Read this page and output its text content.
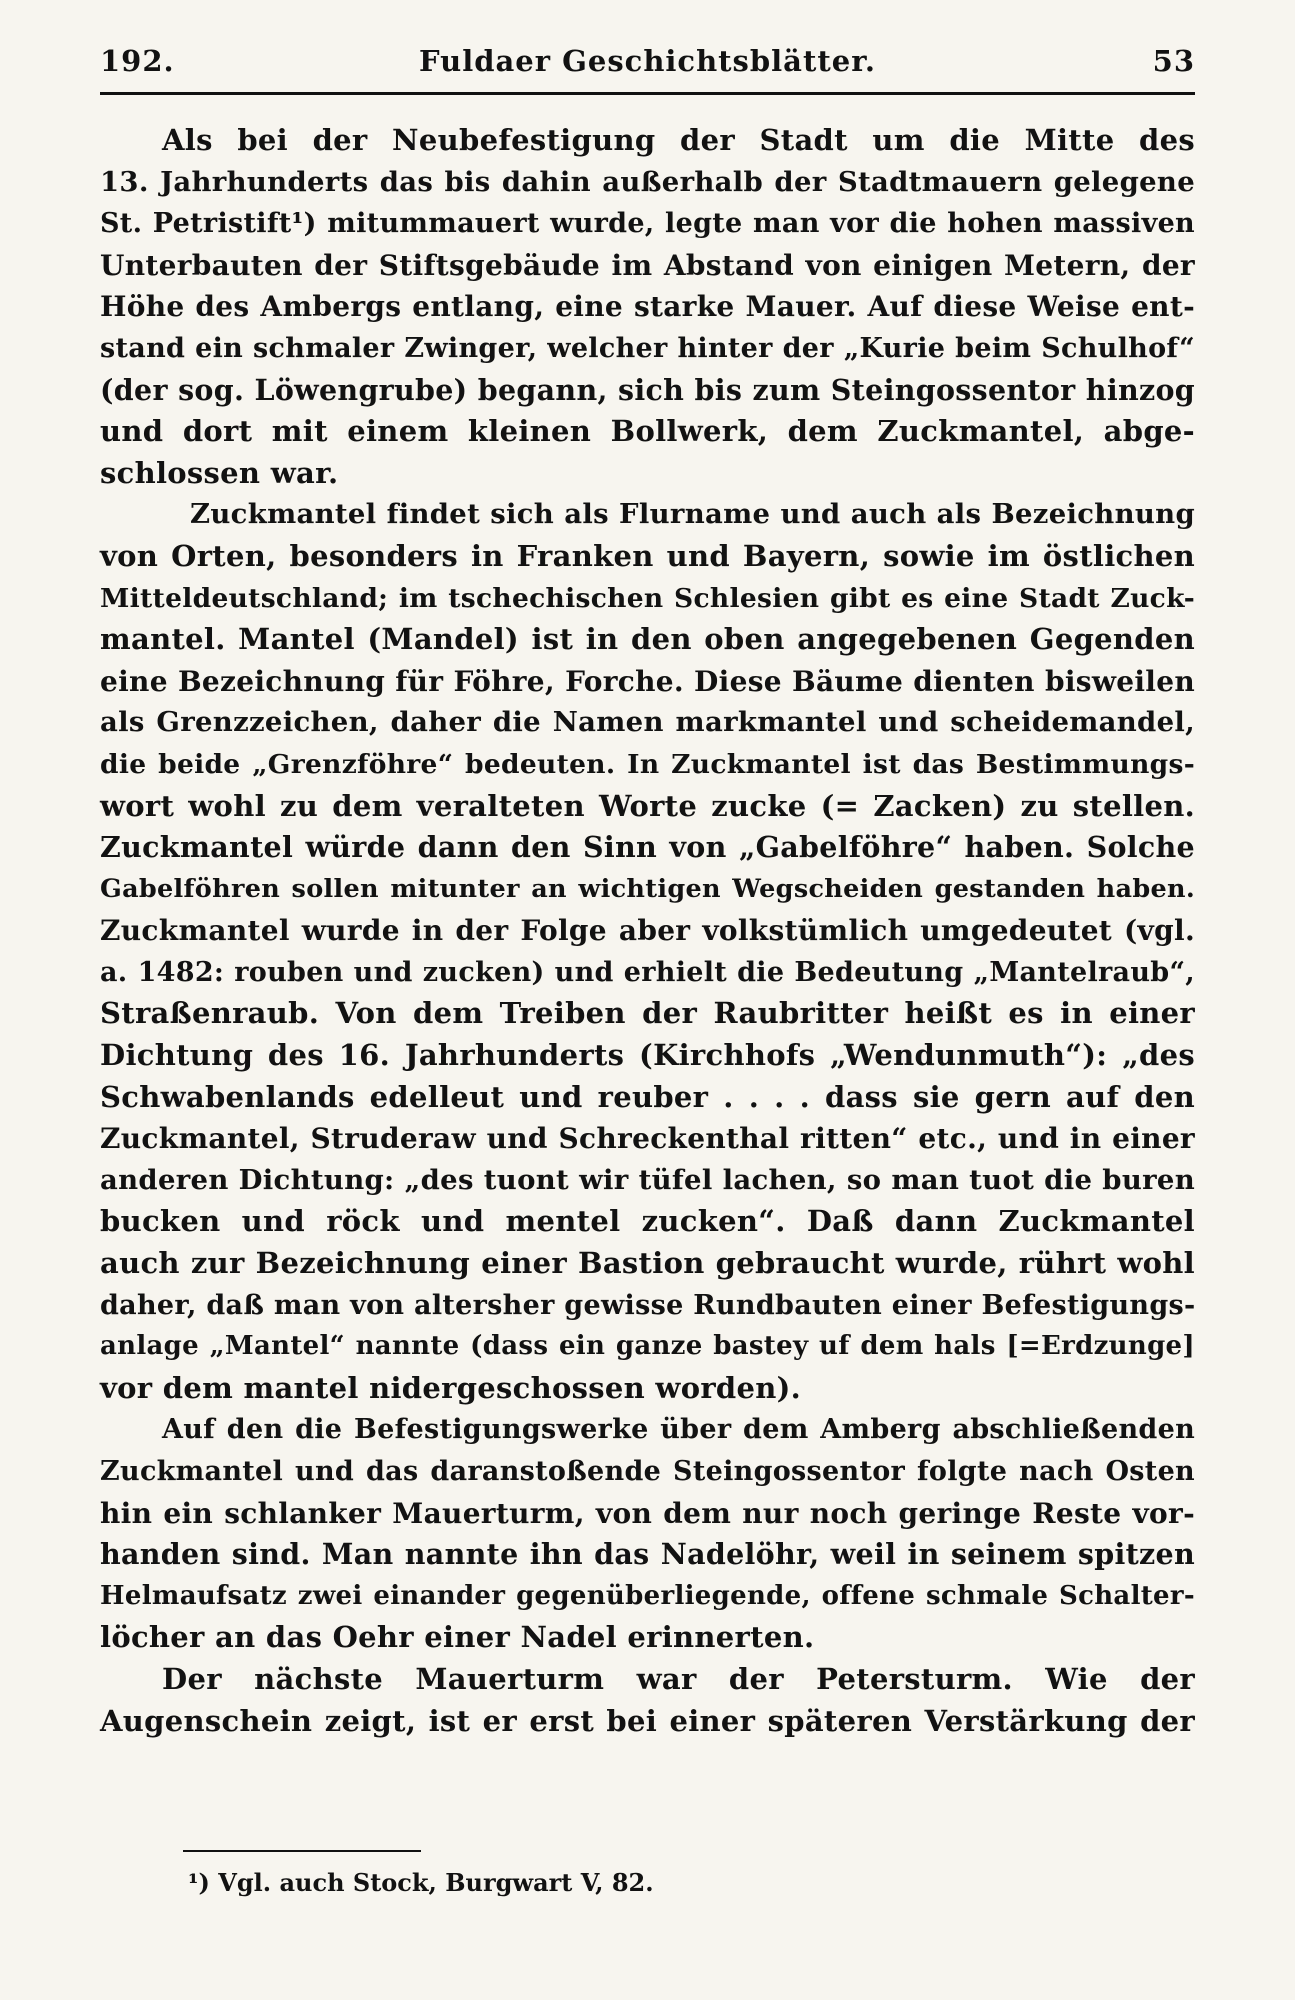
192․	Fuldaer Geschichtsblätter.	53
Als bei der Neubefestigung der Stadt um die Mitte des
13. Jahrhunderts das bis dahin außerhalb der Stadtmauern gelegene
St. Petristift¹) mitummauert wurde, legte man vor die hohen massiven
Unterbauten der Stiftsgebäude im Abstand von einigen Metern, der
Höhe des Ambergs entlang, eine starke Mauer. Auf diese Weise ent-
stand ein schmaler Zwinger, welcher hinter der „Kurie beim Schulhof“
(der sog. Löwengrube) begann, sich bis zum Steingossentor hinzog
und dort mit einem kleinen Bollwerk, dem Zuckmantel, abge-
schlossen war.
Zuckmantel findet sich als Flurname und auch als Bezeichnung
von Orten, besonders in Franken und Bayern, sowie im östlichen
Mitteldeutschland; im tschechischen Schlesien gibt es eine Stadt Zuck-
mantel. Mantel (Mandel) ist in den oben angegebenen Gegenden
eine Bezeichnung für Föhre, Forche. Diese Bäume dienten bisweilen
als Grenzzeichen, daher die Namen markmantel und scheidemandel,
die beide „Grenzföhre“ bedeuten. In Zuckmantel ist das Bestimmungs-
wort wohl zu dem veralteten Worte zucke (= Zacken) zu stellen.
Zuckmantel würde dann den Sinn von „Gabelföhre“ haben. Solche
Gabelföhren sollen mitunter an wichtigen Wegscheiden gestanden haben.
Zuckmantel wurde in der Folge aber volkstümlich umgedeutet (vgl.
a. 1482: rouben und zucken) und erhielt die Bedeutung „Mantelraub“,
Straßenraub. Von dem Treiben der Raubritter heißt es in einer
Dichtung des 16. Jahrhunderts (Kirchhofs „Wendunmuth“): „des
Schwabenlands edelleut und reuber . . . . dass sie gern auf den
Zuckmantel, Struderaw und Schreckenthal ritten“ etc., und in einer
anderen Dichtung: „des tuont wir tüfel lachen, so man tuot die buren
bucken und röck und mentel zucken“. Daß dann Zuckmantel
auch zur Bezeichnung einer Bastion gebraucht wurde, rührt wohl
daher, daß man von altersher gewisse Rundbauten einer Befestigungs-
anlage „Mantel“ nannte (dass ein ganze bastey uf dem hals [=Erdzunge]
vor dem mantel nidergeschossen worden).
Auf den die Befestigungswerke über dem Amberg abschließenden
Zuckmantel und das daranstoßende Steingossentor folgte nach Osten
hin ein schlanker Mauerturm, von dem nur noch geringe Reste vor-
handen sind. Man nannte ihn das Nadelöhr, weil in seinem spitzen
Helmaufsatz zwei einander gegenüberliegende, offene schmale Schalter-
löcher an das Oehr einer Nadel erinnerten.
Der nächste Mauerturm war der Petersturm. Wie der
Augenschein zeigt, ist er erst bei einer späteren Verstärkung der
¹) Vgl. auch Stock, Burgwart V, 82.
